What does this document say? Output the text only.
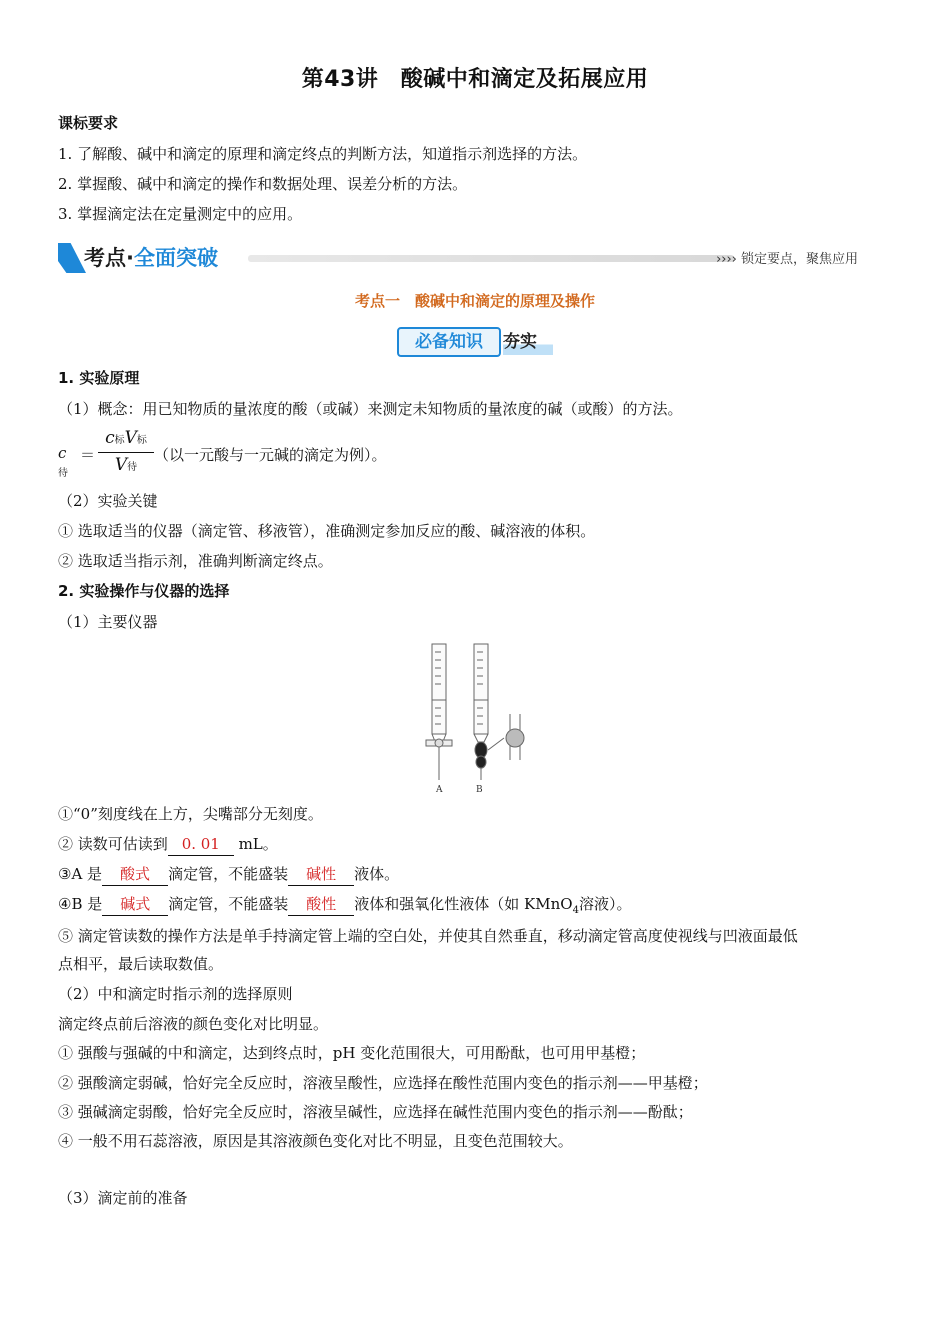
第43讲　酸碱中和滴定及拓展应用
课标要求
1. 了解酸、碱中和滴定的原理和滴定终点的判断方法，知道指示剂选择的方法。
2. 掌握酸、碱中和滴定的操作和数据处理、误差分析的方法。
3. 掌握滴定法在定量测定中的应用。
考点·全面突破	›››› 锁定要点，聚焦应用
考点一　酸碱中和滴定的原理及操作
必备知识	夯实
1. 实验原理
（1）概念：用已知物质的量浓度的酸（或碱）来测定未知物质的量浓度的碱（或酸）的方法。
c待
＝
c标V标
V待
（以一元酸与一元碱的滴定为例）。
（2）实验关键
① 选取适当的仪器（滴定管、移液管），准确测定参加反应的酸、碱溶液的体积。
② 选取适当指示剂，准确判断滴定终点。
2. 实验操作与仪器的选择
（1）主要仪器
A	B
①“0”刻度线在上方，尖嘴部分无刻度。
② 读数可估读到 0. 01 mL。
③A 是 酸式 滴定管，不能盛装 碱性 液体。
④B 是 碱式 滴定管，不能盛装 酸性 液体和强氧化性液体（如 KMnO$_4$溶液）。
⑤ 滴定管读数的操作方法是单手持滴定管上端的空白处，并使其自然垂直，移动滴定管高度使视线与凹液面最低
点相平，最后读取数值。
（2）中和滴定时指示剂的选择原则
滴定终点前后溶液的颜色变化对比明显。
① 强酸与强碱的中和滴定，达到终点时，pH 变化范围很大，可用酚酞，也可用甲基橙；
② 强酸滴定弱碱，恰好完全反应时，溶液呈酸性，应选择在酸性范围内变色的指示剂——甲基橙；
③ 强碱滴定弱酸，恰好完全反应时，溶液呈碱性，应选择在碱性范围内变色的指示剂——酚酞；
④ 一般不用石蕊溶液，原因是其溶液颜色变化对比不明显，且变色范围较大。
（3）滴定前的准备
